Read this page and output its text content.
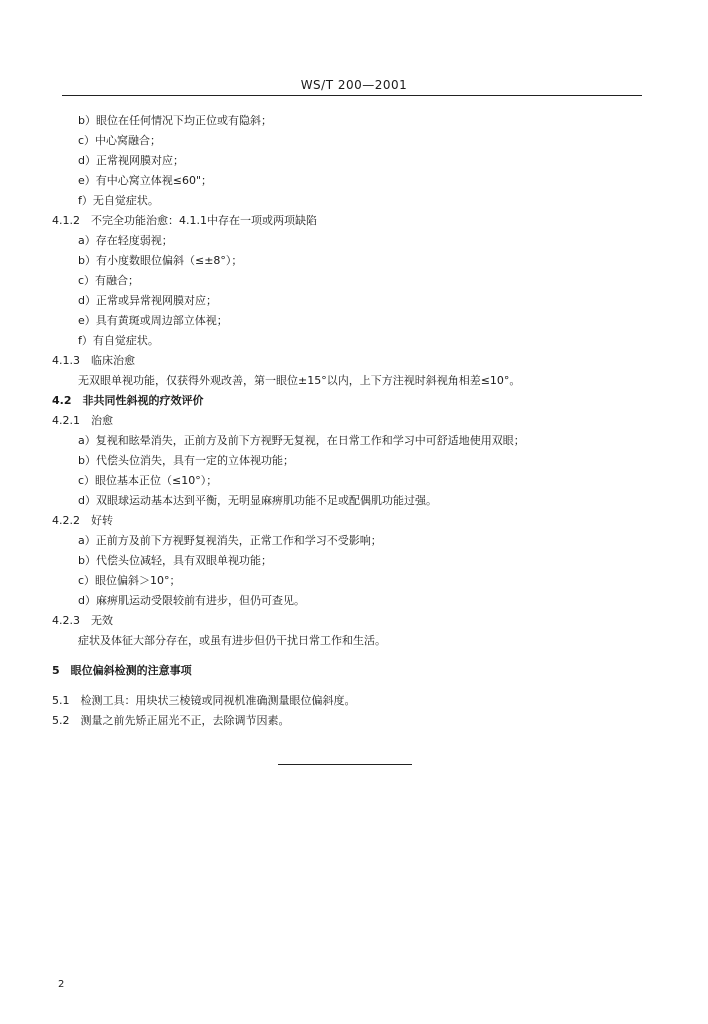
WS/T 200—2001
b）眼位在任何情况下均正位或有隐斜；
c）中心窝融合；
d）正常视网膜对应；
e）有中心窝立体视≤60"；
f）无自觉症状。
4.1.2　不完全功能治愈：4.1.1中存在一项或两项缺陷
a）存在轻度弱视；
b）有小度数眼位偏斜（≤±8°）；
c）有融合；
d）正常或异常视网膜对应；
e）具有黄斑或周边部立体视；
f）有自觉症状。
4.1.3　临床治愈
无双眼单视功能，仅获得外观改善，第一眼位±15°以内，上下方注视时斜视角相差≤10°。
4.2　非共同性斜视的疗效评价
4.2.1　治愈
a）复视和眩晕消失，正前方及前下方视野无复视，在日常工作和学习中可舒适地使用双眼；
b）代偿头位消失，具有一定的立体视功能；
c）眼位基本正位（≤10°）；
d）双眼球运动基本达到平衡，无明显麻痹肌功能不足或配偶肌功能过强。
4.2.2　好转
a）正前方及前下方视野复视消失，正常工作和学习不受影响；
b）代偿头位减轻，具有双眼单视功能；
c）眼位偏斜＞10°；
d）麻痹肌运动受限较前有进步，但仍可查见。
4.2.3　无效
症状及体征大部分存在，或虽有进步但仍干扰日常工作和生活。
5　眼位偏斜检测的注意事项
5.1　检测工具：用块状三棱镜或同视机准确测量眼位偏斜度。
5.2　测量之前先矫正屈光不正，去除调节因素。
2
